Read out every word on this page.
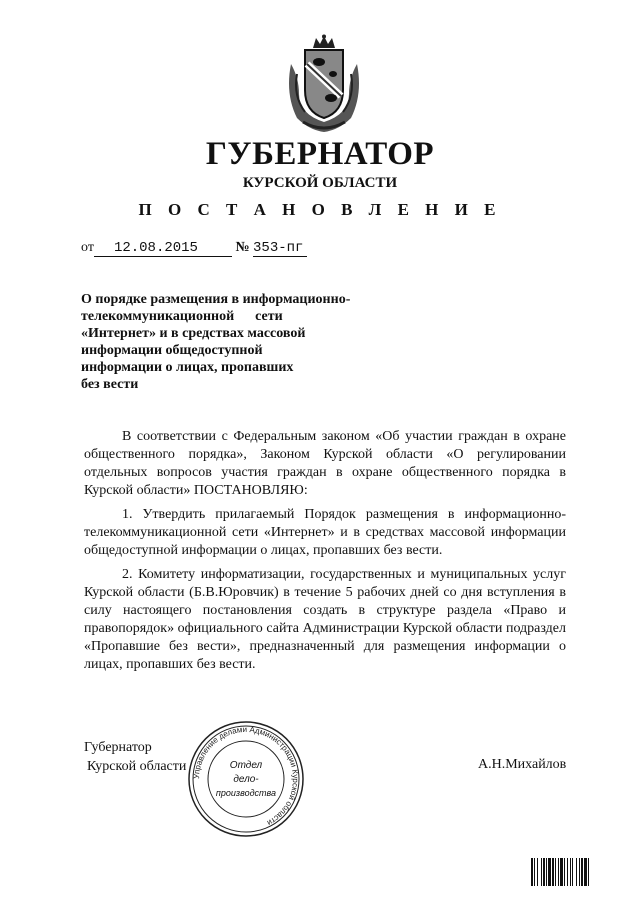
ГУБЕРНАТОР
КУРСКОЙ ОБЛАСТИ
П О С Т А Н О В Л Е Н И Е
от 12.08.2015	№ 353-пг
О порядке размещения в информационно-
телекоммуникационной      сети
«Интернет» и в средствах массовой
информации общедоступной
информации о лицах, пропавших
без вести

В соответствии с Федеральным законом «Об участии граждан в охране общественного порядка», Законом Курской области «О регулировании отдельных вопросов участия граждан в охране общественного порядка в Курской области» ПОСТАНОВЛЯЮ:

1. Утвердить прилагаемый Порядок размещения в информационно-телекоммуникационной сети «Интернет» и в средствах массовой информации общедоступной информации о лицах, пропавших без вести.

2. Комитету информатизации, государственных и муниципальных услуг Курской области (Б.В.Юровчик) в течение 5 рабочих дней со дня вступления в силу настоящего постановления создать в структуре раздела «Право и правопорядок» официального сайта Администрации Курской области подраздел «Пропавшие без вести», предназначенный для размещения информации о лицах, пропавших без вести.

Губернатор
Курской области	А.Н.Михайлов
Управление делами Администрации Курской области
Отдел
дело-
производства
